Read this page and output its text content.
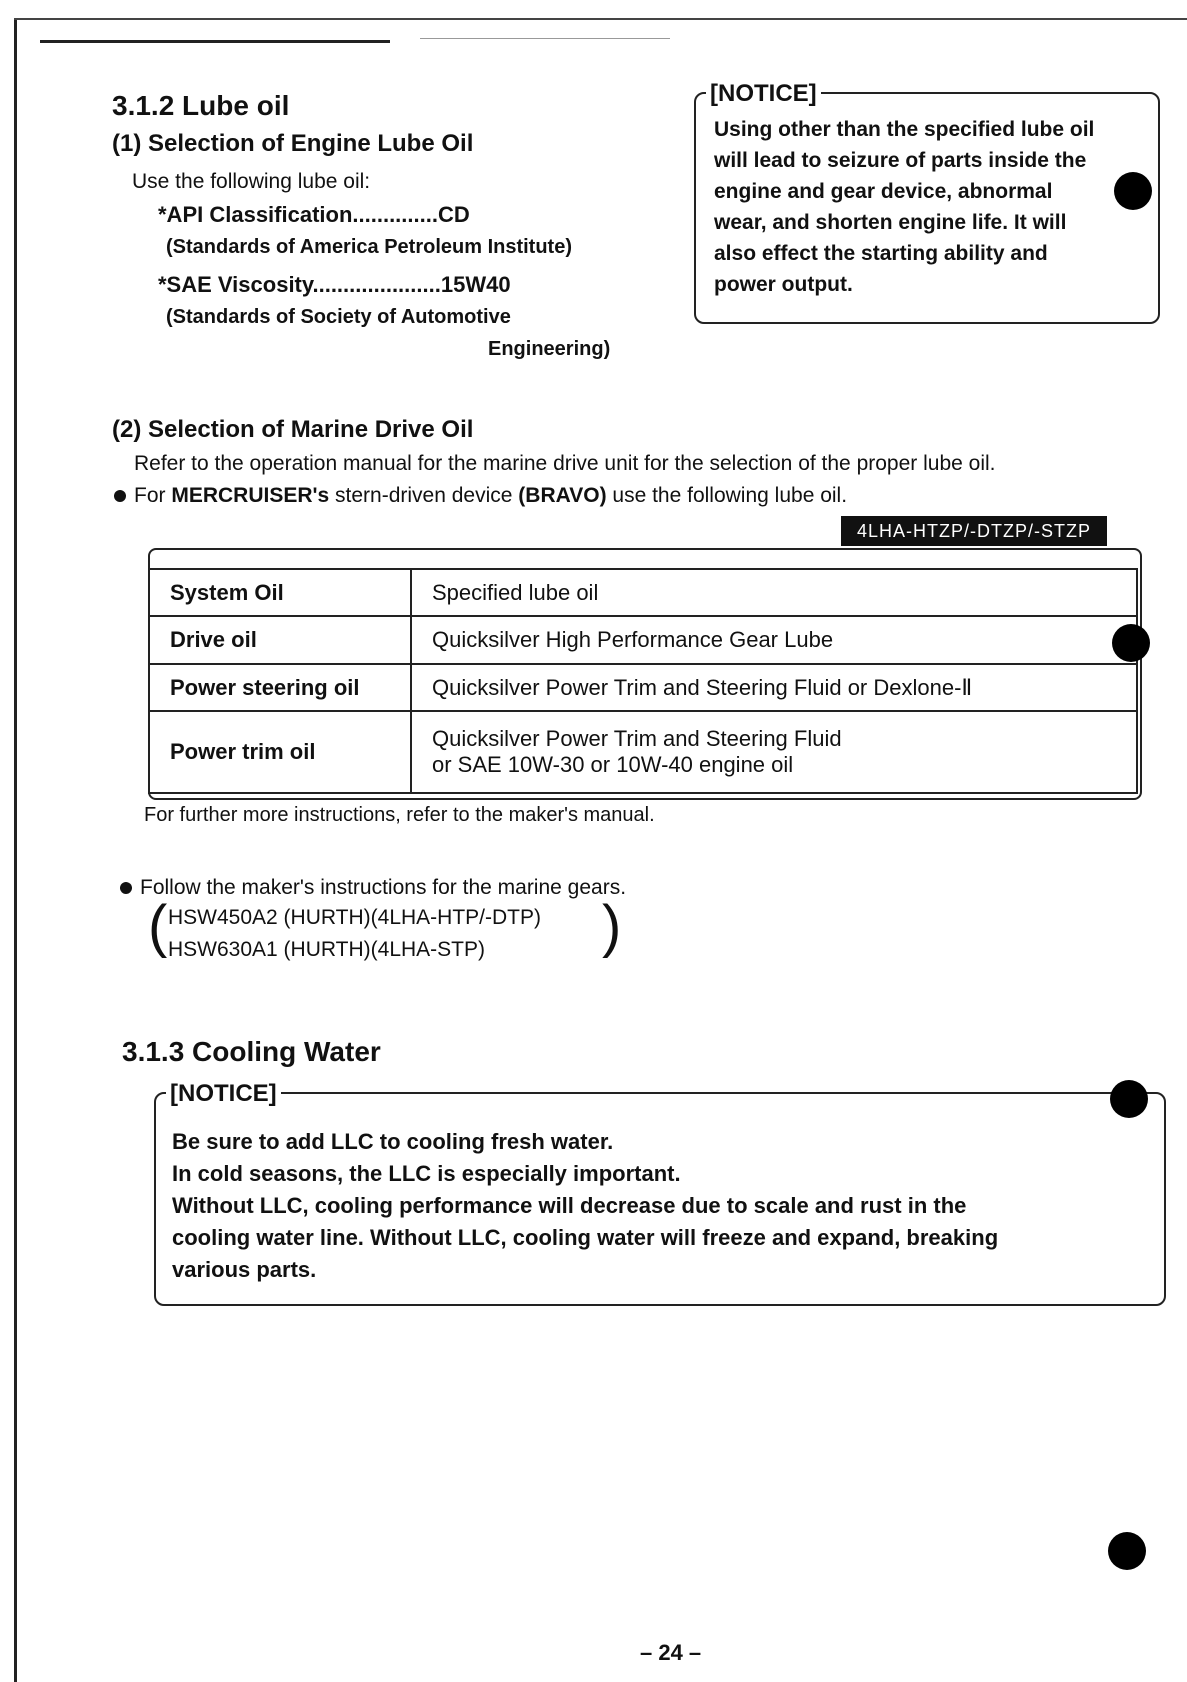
3.1.2 Lube oil
(1) Selection of Engine Lube Oil
Use the following lube oil:
*API Classification..............CD
(Standards of America Petroleum Institute)
*SAE Viscosity.....................15W40
(Standards of Society of Automotive
Engineering)
[NOTICE]
Using other than the specified lube oil
will lead to seizure of parts inside the
engine and gear device, abnormal
wear, and shorten engine life. It will
also effect the starting ability and
power output.
(2) Selection of Marine Drive Oil
Refer to the operation manual for the marine drive unit for the selection of the proper lube oil.
For MERCRUISER's stern-driven device (BRAVO) use the following lube oil.
4LHA-HTZP/-DTZP/-STZP
System Oil	Specified lube oil
Drive oil	Quicksilver High Performance Gear Lube
Power steering oil	Quicksilver Power Trim and Steering Fluid or Dexlone-Ⅱ
Power trim oil	Quicksilver Power Trim and Steering Fluid
or SAE 10W-30 or 10W-40 engine oil
For further more instructions, refer to the maker's manual.
Follow the maker's instructions for the marine gears.
( HSW450A2 (HURTH)(4LHA-HTP/-DTP)
HSW630A1 (HURTH)(4LHA-STP) )
3.1.3 Cooling Water
[NOTICE]
Be sure to add LLC to cooling fresh water.
In cold seasons, the LLC is especially important.
Without LLC, cooling performance will decrease due to scale and rust in the
cooling water line. Without LLC, cooling water will freeze and expand, breaking
various parts.
– 24 –
